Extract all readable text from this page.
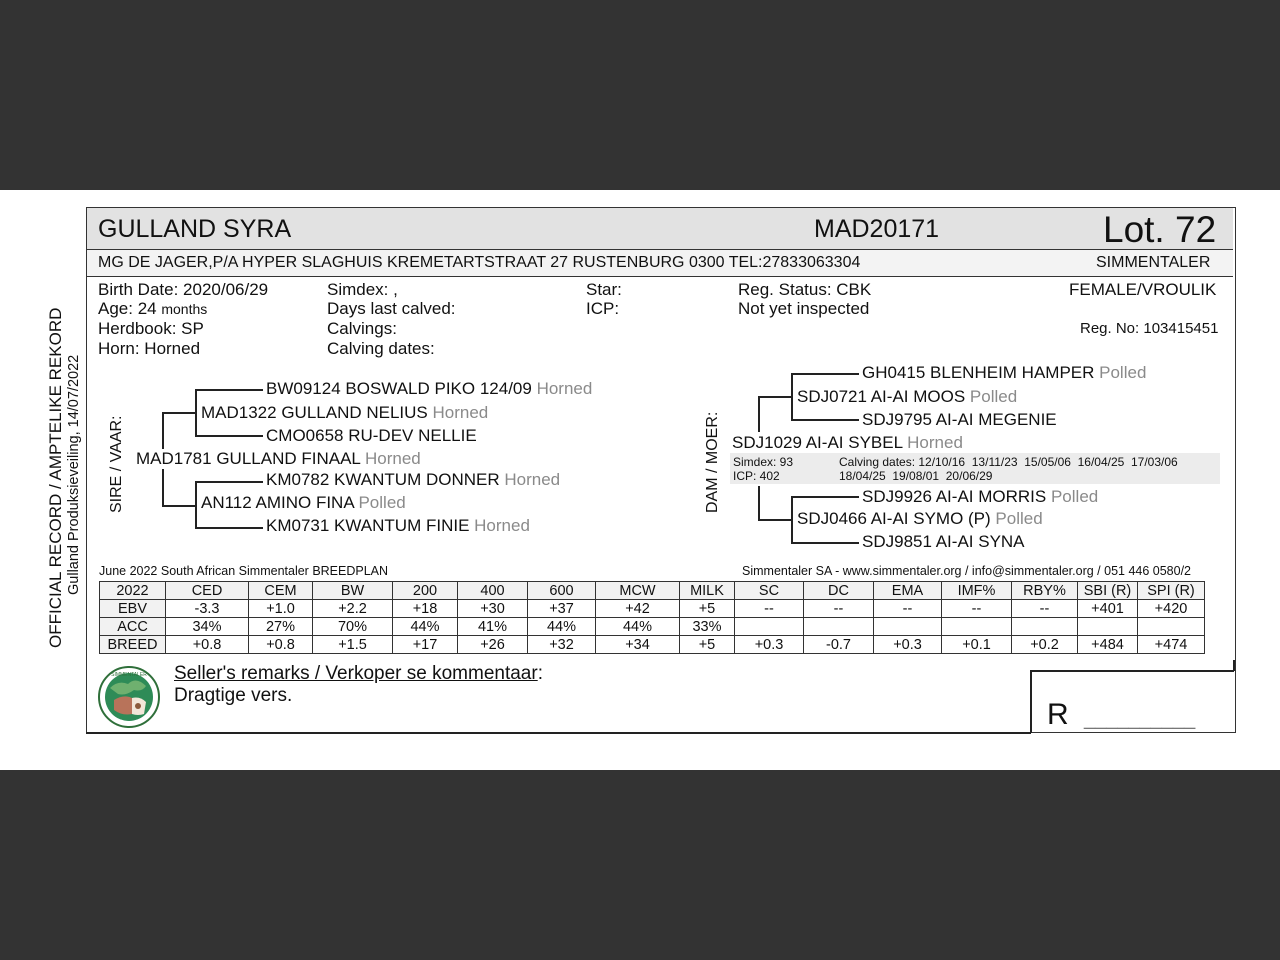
OFFICIAL RECORD / AMPTELIKE REKORD Gulland Produksieveiling, 14/07/2022
GULLAND SYRA	MAD20171	Lot. 72
MG DE JAGER,P/A HYPER SLAGHUIS KREMETARTSTRAAT 27 RUSTENBURG 0300 TEL:27833063304	SIMMENTALER
Birth Date: 2020/06/29
Age: 24 months
Herdbook: SP
Horn: Horned
Simdex: ,
Days last calved:
Calvings:
Calving dates:
Star:
ICP:
Reg. Status: CBK
Not yet inspected
FEMALE/VROULIK
Reg. No: 103415451
SIRE / VAAR:
BW09124 BOSWALD PIKO 124/09 Horned
MAD1322 GULLAND NELIUS Horned
CMO0658 RU-DEV NELLIE
MAD1781 GULLAND FINAAL Horned
KM0782 KWANTUM DONNER Horned
AN112 AMINO FINA Polled
KM0731 KWANTUM FINIE Horned
DAM / MOER:
GH0415 BLENHEIM HAMPER Polled
SDJ0721 AI-AI MOOS Polled
SDJ9795 AI-AI MEGENIE
SDJ1029 AI-AI SYBEL Horned
Simdex: 93
ICP: 402
Calving dates: 12/10/16  13/11/23  15/05/06  16/04/25  17/03/06
18/04/25  19/08/01  20/06/29
SDJ9926 AI-AI MORRIS Polled
SDJ0466 AI-AI SYMO (P) Polled
SDJ9851 AI-AI SYNA
June 2022 South African Simmentaler BREEDPLAN	Simmentaler SA - www.simmentaler.org / info@simmentaler.org / 051 446 0580/2
2022	CED	CEM	BW	200	400	600	MCW	MILK	SC	DC	EMA	IMF%	RBY%	SBI (R)	SPI (R)
EBV	-3.3	+1.0	+2.2	+18	+30	+37	+42	+5	--	--	--	--	--	+401	+420
ACC	34%	27%	70%	44%	41%	44%	44%	33%							
BREED	+0.8	+0.8	+1.5	+17	+26	+32	+34	+5	+0.3	-0.7	+0.3	+0.1	+0.2	+484	+474
SIMMENTALER Seller's remarks / Verkoper se kommentaar:
Dragtige vers.
R __________
